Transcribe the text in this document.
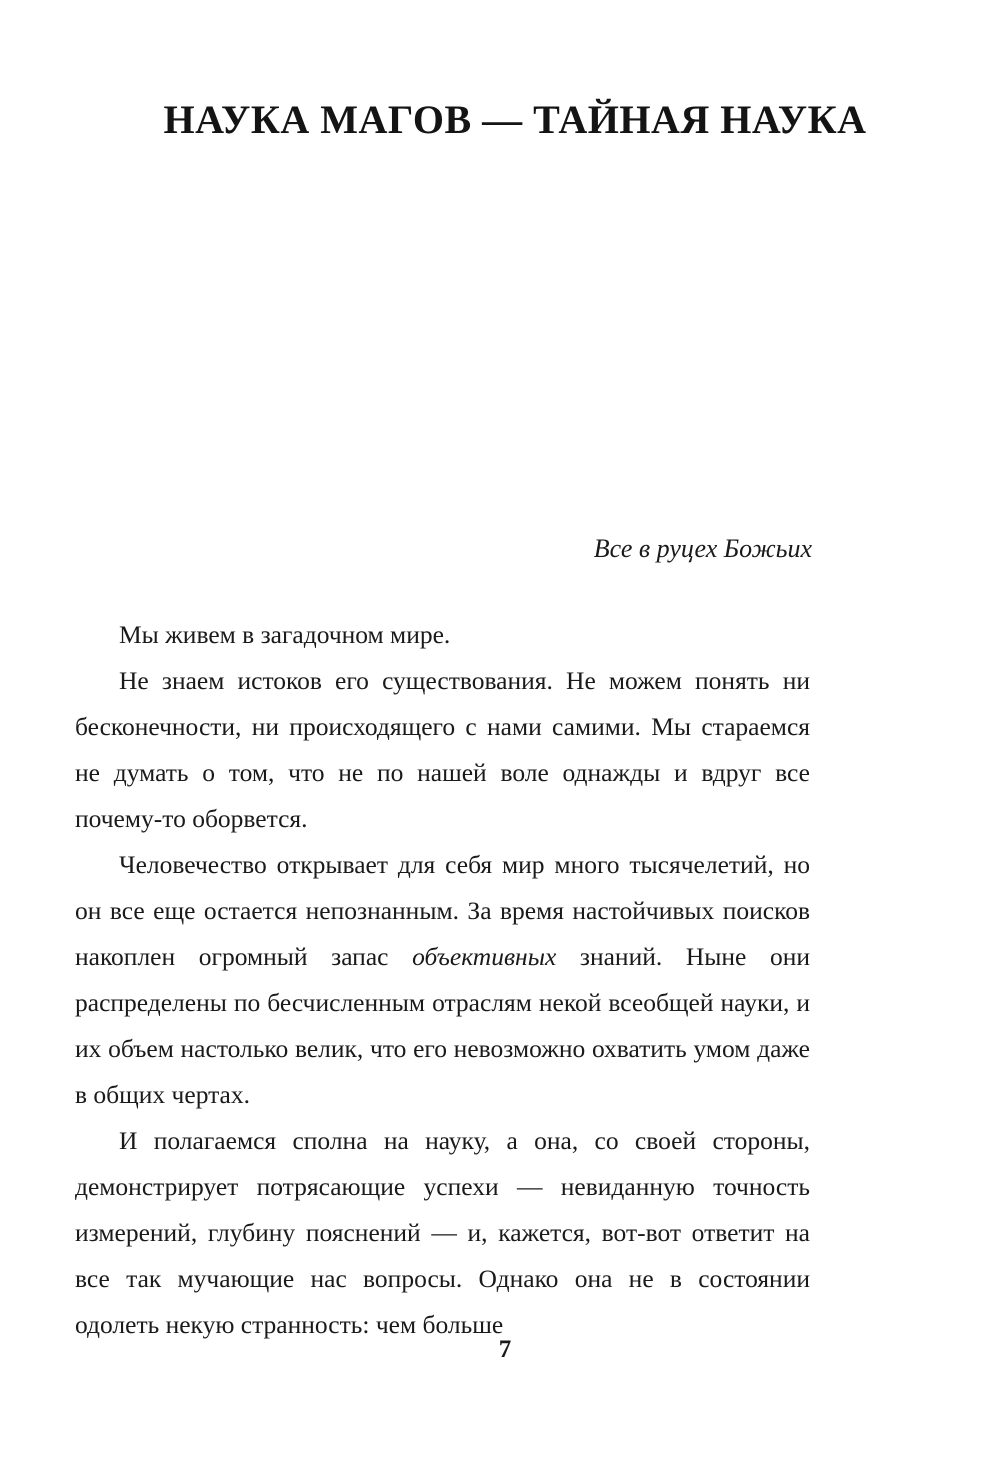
НАУКА МАГОВ — ТАЙНАЯ НАУКА

Все в руцех Божьих

Мы живем в загадочном мире.

Не знаем истоков его существования. Не можем понять ни бесконечности, ни происходящего с нами самими. Мы стараемся не думать о том, что не по нашей воле однажды и вдруг все почему-то оборвется.

Человечество открывает для себя мир много тысячелетий, но он все еще остается непознанным. За время настойчивых поисков накоплен огромный запас объективных знаний. Ныне они распределены по бесчисленным отраслям некой всеобщей науки, и их объем настолько велик, что его невозможно охватить умом даже в общих чертах.

И полагаемся сполна на науку, а она, со своей стороны, демонстрирует потрясающие успехи — невиданную точность измерений, глубину пояснений — и, кажется, вот-вот ответит на все так мучающие нас вопросы. Однако она не в состоянии одолеть некую странность: чем больше

7
